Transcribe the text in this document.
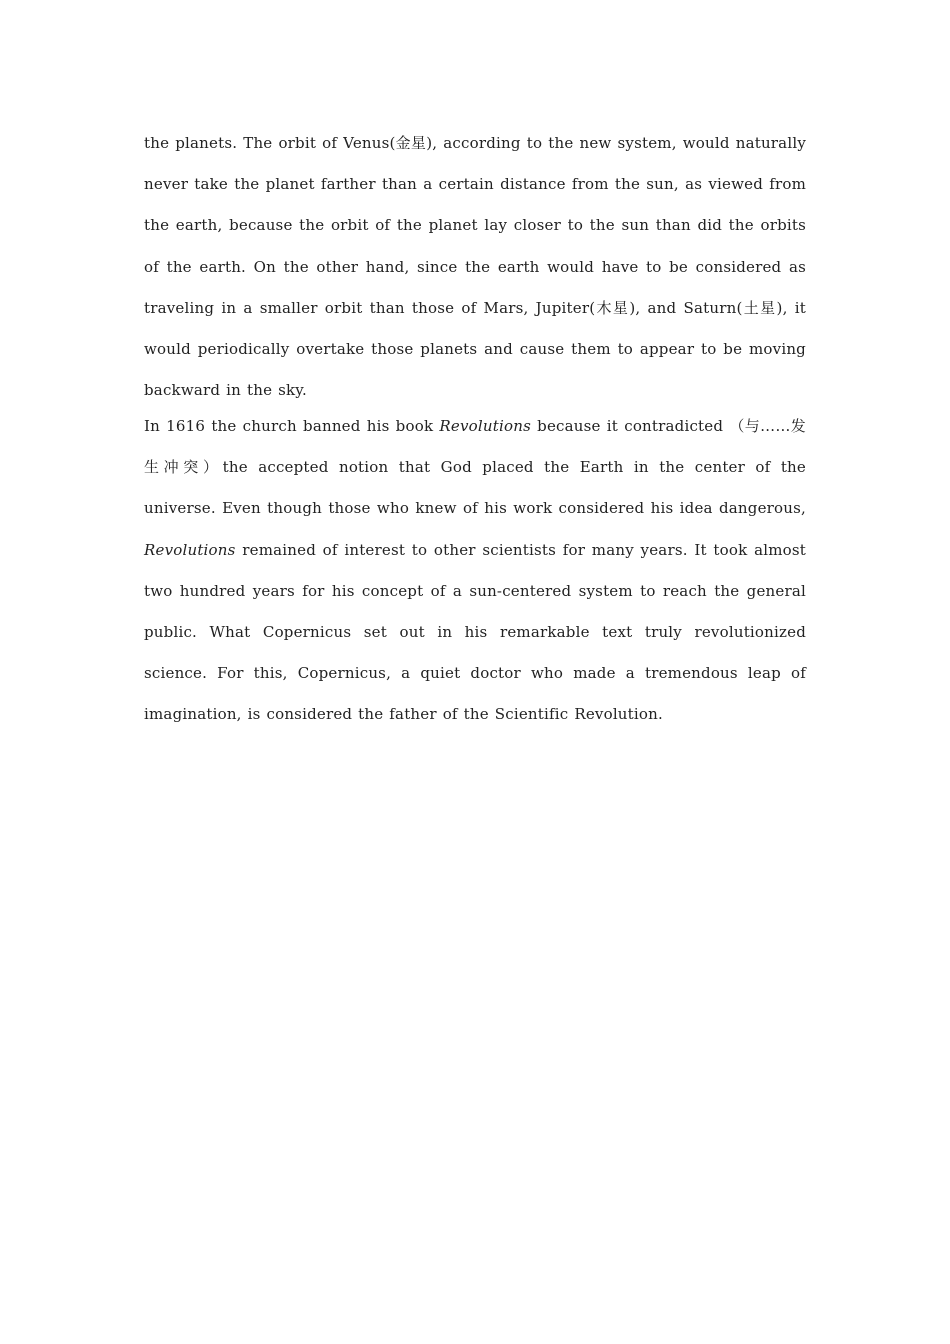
the planets. The orbit of Venus(金星), according to the new system, would naturally never take the planet farther than a certain distance from the sun, as viewed from the earth, because the orbit of the planet lay closer to the sun than did the orbits of the earth. On the other hand, since the earth would have to be considered as traveling in a smaller orbit than those of Mars, Jupiter(木星), and Saturn(土星), it would periodically overtake those planets and cause them to appear to be moving backward in the sky.

In 1616 the church banned his book Revolutions because it contradicted （与……发生冲突）the accepted notion that God placed the Earth in the center of the universe. Even though those who knew of his work considered his idea dangerous, Revolutions remained of interest to other scientists for many years. It took almost two hundred years for his concept of a sun-centered system to reach the general public. What Copernicus set out in his remarkable text truly revolutionized science. For this, Copernicus, a quiet doctor who made a tremendous leap of imagination, is considered the father of the Scientific Revolution.
